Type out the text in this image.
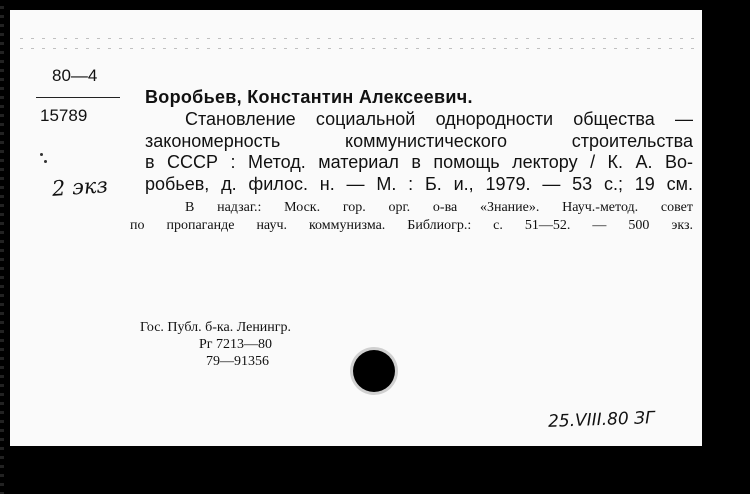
80—4
15789
Воробьев, Константин Алексеевич.
Становление социальной однородности общества —
закономерность коммунистического строительства
в СССР : Метод. материал в помощь лектору / К. А. Во-
робьев, д. филос. н. — М. : Б. и., 1979. — 53 с.; 19 см.
В надзаг.: Моск. гор. орг. о-ва «Знание». Науч.-метод. совет
по пропаганде науч. коммунизма. Библиогр.: с. 51—52. — 500 экз.
2 экз
Гос. Публ. б-ка. Ленингр.
Рг 7213—80
79—91356
25.VIII.80 ЗГ
